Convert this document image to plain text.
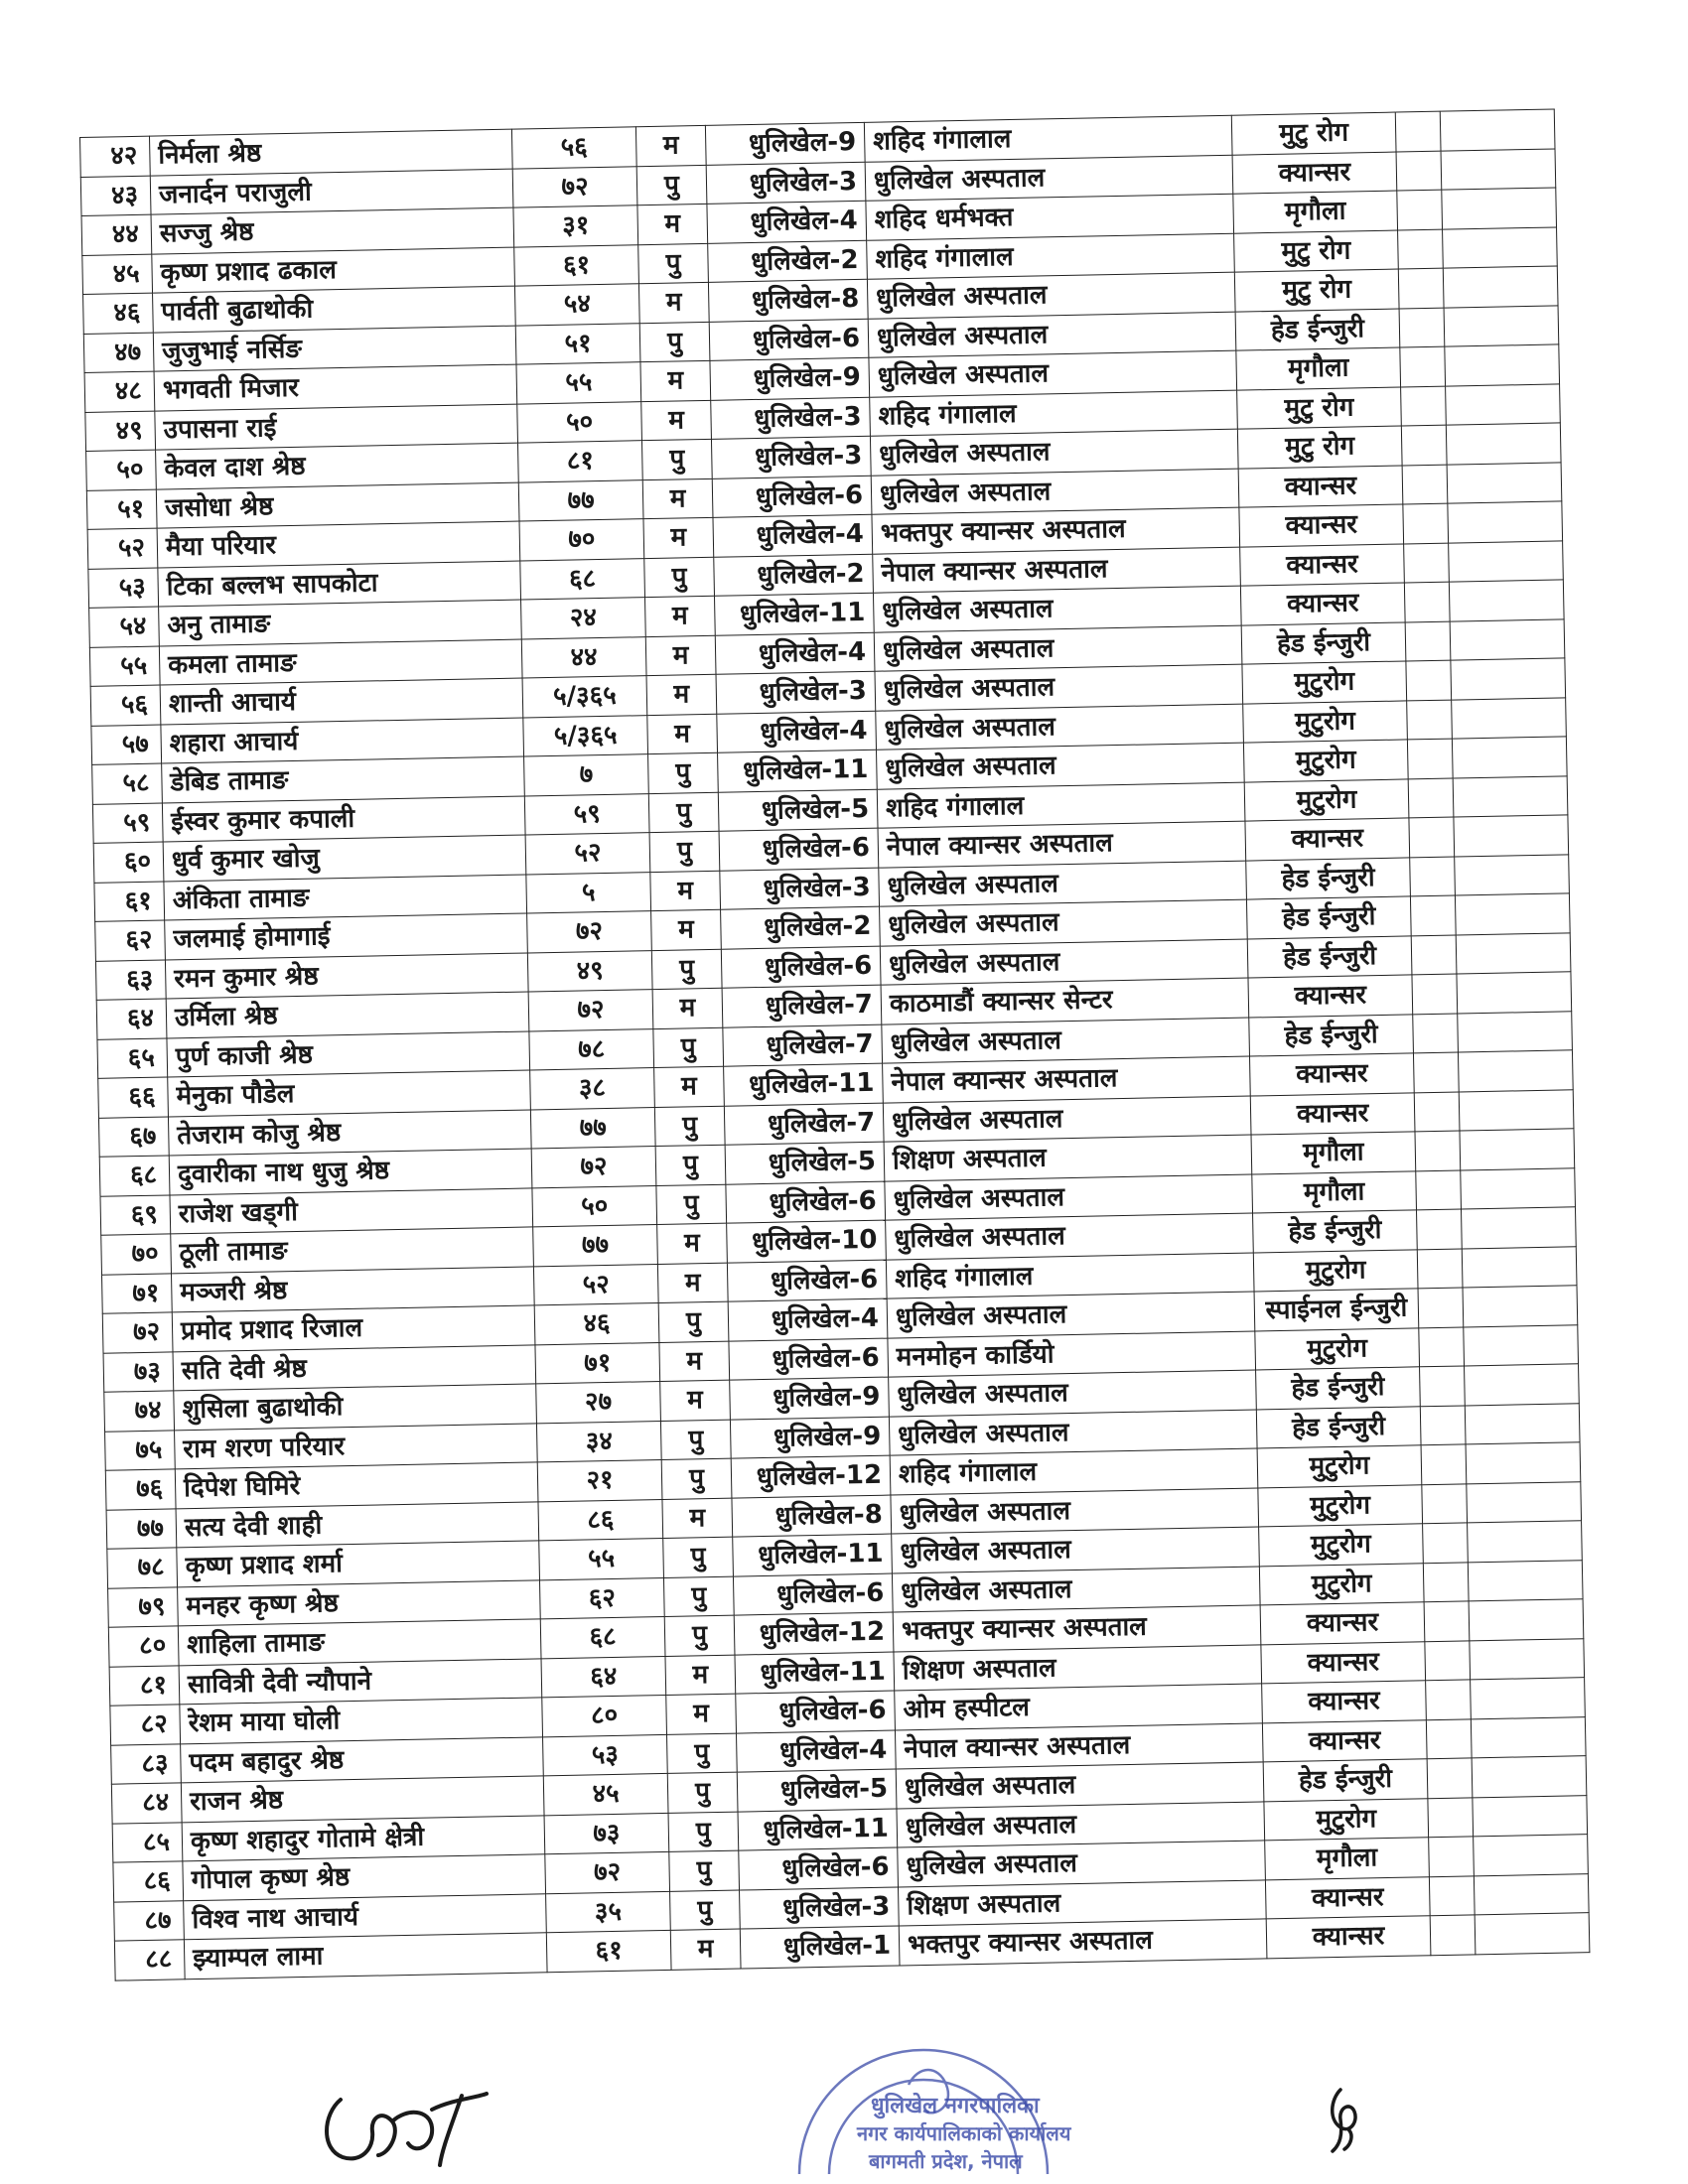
४२	निर्मला श्रेष्ठ	५६	म	धुलिखेल-9	शहिद गंगालाल	मुटु रोग		
४३	जनार्दन पराजुली	७२	पु	धुलिखेल-3	धुलिखेल अस्पताल	क्यान्सर		
४४	सज्जु श्रेष्ठ	३१	म	धुलिखेल-4	शहिद धर्मभक्त	मृगौला		
४५	कृष्ण प्रशाद ढकाल	६१	पु	धुलिखेल-2	शहिद गंगालाल	मुटु रोग		
४६	पार्वती बुढाथोकी	५४	म	धुलिखेल-8	धुलिखेल अस्पताल	मुटु रोग		
४७	जुजुभाई नर्सिङ	५१	पु	धुलिखेल-6	धुलिखेल अस्पताल	हेड ईन्जुरी		
४८	भगवती मिजार	५५	म	धुलिखेल-9	धुलिखेल अस्पताल	मृगौला		
४९	उपासना राई	५०	म	धुलिखेल-3	शहिद गंगालाल	मुटु रोग		
५०	केवल दाश श्रेष्ठ	८१	पु	धुलिखेल-3	धुलिखेल अस्पताल	मुटु रोग		
५१	जसोधा श्रेष्ठ	७७	म	धुलिखेल-6	धुलिखेल अस्पताल	क्यान्सर		
५२	मैया परियार	७०	म	धुलिखेल-4	भक्तपुर क्यान्सर अस्पताल	क्यान्सर		
५३	टिका बल्लभ सापकोटा	६८	पु	धुलिखेल-2	नेपाल क्यान्सर अस्पताल	क्यान्सर		
५४	अनु तामाङ	२४	म	धुलिखेल-11	धुलिखेल अस्पताल	क्यान्सर		
५५	कमला तामाङ	४४	म	धुलिखेल-4	धुलिखेल अस्पताल	हेड ईन्जुरी		
५६	शान्ती आचार्य	५/३६५	म	धुलिखेल-3	धुलिखेल अस्पताल	मुटुरोग		
५७	शहारा आचार्य	५/३६५	म	धुलिखेल-4	धुलिखेल अस्पताल	मुटुरोग		
५८	डेबिड तामाङ	७	पु	धुलिखेल-11	धुलिखेल अस्पताल	मुटुरोग		
५९	ईस्वर कुमार कपाली	५९	पु	धुलिखेल-5	शहिद गंगालाल	मुटुरोग		
६०	धुर्व कुमार खोजु	५२	पु	धुलिखेल-6	नेपाल क्यान्सर अस्पताल	क्यान्सर		
६१	अंकिता तामाङ	५	म	धुलिखेल-3	धुलिखेल अस्पताल	हेड ईन्जुरी		
६२	जलमाई होमागाई	७२	म	धुलिखेल-2	धुलिखेल अस्पताल	हेड ईन्जुरी		
६३	रमन कुमार श्रेष्ठ	४९	पु	धुलिखेल-6	धुलिखेल अस्पताल	हेड ईन्जुरी		
६४	उर्मिला श्रेष्ठ	७२	म	धुलिखेल-7	काठमाडौं क्यान्सर सेन्टर	क्यान्सर		
६५	पुर्ण काजी श्रेष्ठ	७८	पु	धुलिखेल-7	धुलिखेल अस्पताल	हेड ईन्जुरी		
६६	मेनुका पौडेल	३८	म	धुलिखेल-11	नेपाल क्यान्सर अस्पताल	क्यान्सर		
६७	तेजराम कोजु श्रेष्ठ	७७	पु	धुलिखेल-7	धुलिखेल अस्पताल	क्यान्सर		
६८	दुवारीका नाथ धुजु श्रेष्ठ	७२	पु	धुलिखेल-5	शिक्षण अस्पताल	मृगौला		
६९	राजेश खड्गी	५०	पु	धुलिखेल-6	धुलिखेल अस्पताल	मृगौला		
७०	ठूली तामाङ	७७	म	धुलिखेल-10	धुलिखेल अस्पताल	हेड ईन्जुरी		
७१	मञ्जरी श्रेष्ठ	५२	म	धुलिखेल-6	शहिद गंगालाल	मुटुरोग		
७२	प्रमोद प्रशाद रिजाल	४६	पु	धुलिखेल-4	धुलिखेल अस्पताल	स्पाईनल ईन्जुरी		
७३	सति देवी श्रेष्ठ	७१	म	धुलिखेल-6	मनमोहन कार्डियो	मुटुरोग		
७४	शुसिला बुढाथोकी	२७	म	धुलिखेल-9	धुलिखेल अस्पताल	हेड ईन्जुरी		
७५	राम शरण परियार	३४	पु	धुलिखेल-9	धुलिखेल अस्पताल	हेड ईन्जुरी		
७६	दिपेश घिमिरे	२१	पु	धुलिखेल-12	शहिद गंगालाल	मुटुरोग		
७७	सत्य देवी शाही	८६	म	धुलिखेल-8	धुलिखेल अस्पताल	मुटुरोग		
७८	कृष्ण प्रशाद शर्मा	५५	पु	धुलिखेल-11	धुलिखेल अस्पताल	मुटुरोग		
७९	मनहर कृष्ण श्रेष्ठ	६२	पु	धुलिखेल-6	धुलिखेल अस्पताल	मुटुरोग		
८०	शाहिला तामाङ	६८	पु	धुलिखेल-12	भक्तपुर क्यान्सर अस्पताल	क्यान्सर		
८१	सावित्री देवी न्यौपाने	६४	म	धुलिखेल-11	शिक्षण अस्पताल	क्यान्सर		
८२	रेशम माया घोली	८०	म	धुलिखेल-6	ओम हस्पीटल	क्यान्सर		
८३	पदम बहादुर श्रेष्ठ	५३	पु	धुलिखेल-4	नेपाल क्यान्सर अस्पताल	क्यान्सर		
८४	राजन श्रेष्ठ	४५	पु	धुलिखेल-5	धुलिखेल अस्पताल	हेड ईन्जुरी		
८५	कृष्ण शहादुर गोतामे क्षेत्री	७३	पु	धुलिखेल-11	धुलिखेल अस्पताल	मुटुरोग		
८६	गोपाल कृष्ण श्रेष्ठ	७२	पु	धुलिखेल-6	धुलिखेल अस्पताल	मृगौला		
८७	विश्व नाथ आचार्य	३५	पु	धुलिखेल-3	शिक्षण अस्पताल	क्यान्सर		
८८	झ्याम्पल लामा	६१	म	धुलिखेल-1	भक्तपुर क्यान्सर अस्पताल	क्यान्सर		
धुलिखेल नगरपालिका
नगर कार्यपालिकाको कार्यालय
बागमती प्रदेश, नेपाल
